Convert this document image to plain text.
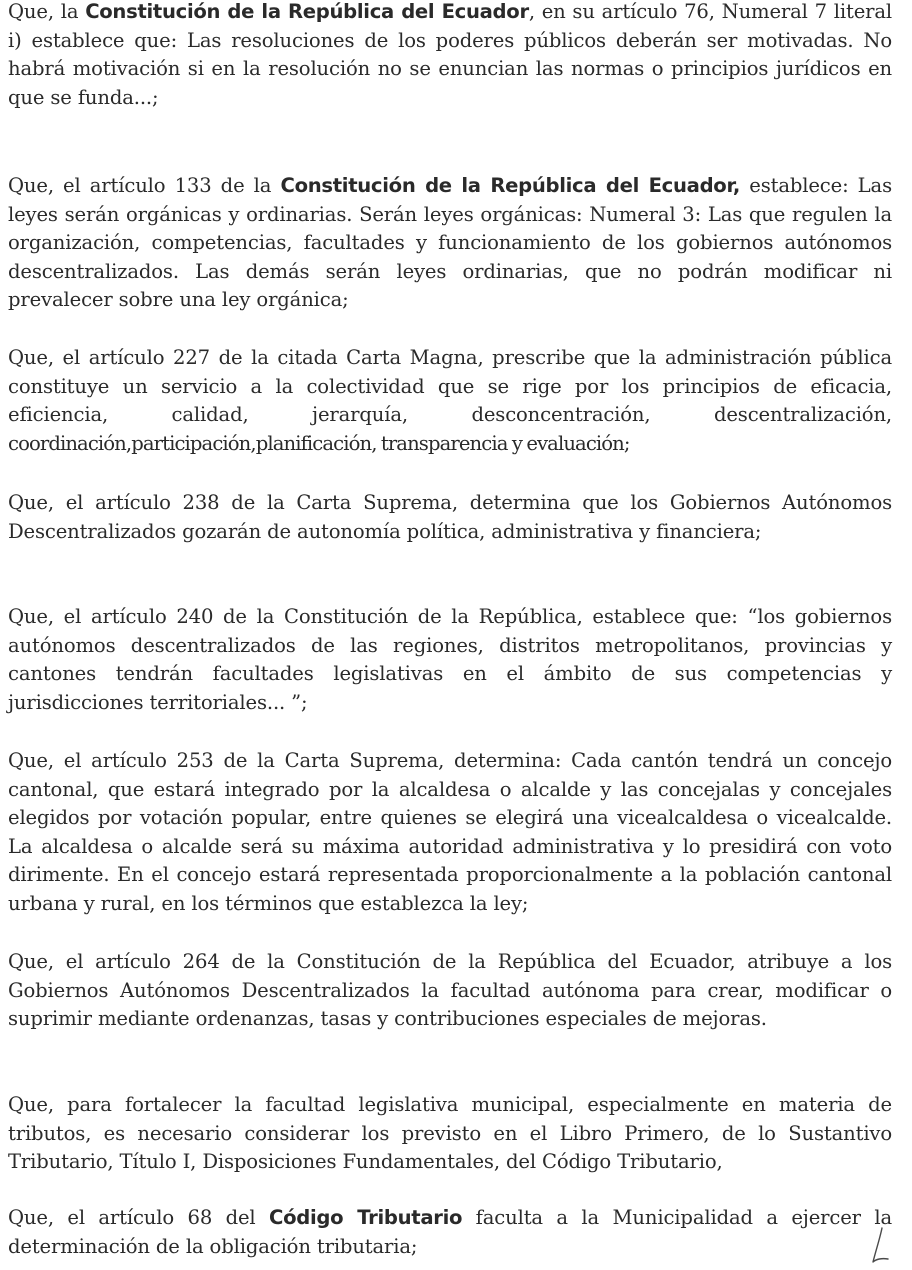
Que, la Constitución de la República del Ecuador, en su artículo 76, Numeral 7 literal i) establece que: Las resoluciones de los poderes públicos deberán ser motivadas. No habrá motivación si en la resolución no se enuncian las normas o principios jurídicos en que se funda...;

Que, el artículo 133 de la Constitución de la República del Ecuador, establece: Las leyes serán orgánicas y ordinarias. Serán leyes orgánicas: Numeral 3: Las que regulen la organización, competencias, facultades y funcionamiento de los gobiernos autónomos descentralizados. Las demás serán leyes ordinarias, que no podrán modificar ni prevalecer sobre una ley orgánica;

Que, el artículo 227 de la citada Carta Magna, prescribe que la administración pública constituye un servicio a la colectividad que se rige por los principios de eficacia, eficiencia, calidad, jerarquía, desconcentración, descentralización, coordinación,participación,planificación, transparencia y evaluación;

Que, el artículo 238 de la Carta Suprema, determina que los Gobiernos Autónomos Descentralizados gozarán de autonomía política, administrativa y financiera;

Que, el artículo 240 de la Constitución de la República, establece que: “los gobiernos autónomos descentralizados de las regiones, distritos metropolitanos, provincias y cantones tendrán facultades legislativas en el ámbito de sus competencias y jurisdicciones territoriales... ”;

Que, el artículo 253 de la Carta Suprema, determina: Cada cantón tendrá un concejo cantonal, que estará integrado por la alcaldesa o alcalde y las concejalas y concejales elegidos por votación popular, entre quienes se elegirá una vicealcaldesa o vicealcalde. La alcaldesa o alcalde será su máxima autoridad administrativa y lo presidirá con voto dirimente. En el concejo estará representada proporcionalmente a la población cantonal urbana y rural, en los términos que establezca la ley;

Que, el artículo 264 de la Constitución de la República del Ecuador, atribuye a los Gobiernos Autónomos Descentralizados la facultad autónoma para crear, modificar o suprimir mediante ordenanzas, tasas y contribuciones especiales de mejoras.

Que, para fortalecer la facultad legislativa municipal, especialmente en materia de tributos, es necesario considerar los previsto en el Libro Primero, de lo Sustantivo Tributario, Título I, Disposiciones Fundamentales, del Código Tributario,

Que, el artículo 68 del Código Tributario faculta a la Municipalidad a ejercer la determinación de la obligación tributaria;
